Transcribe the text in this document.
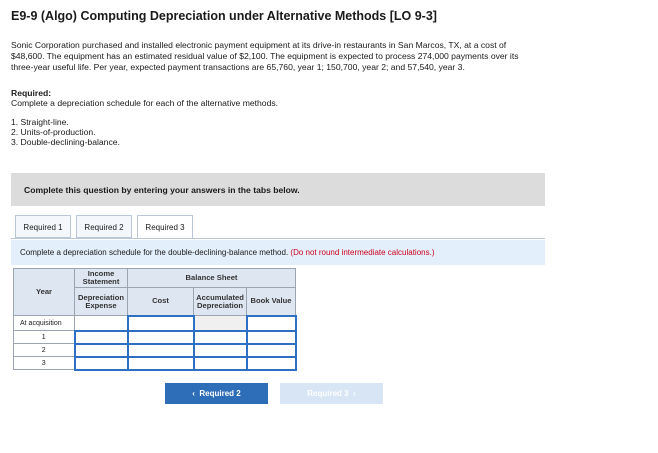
E9-9 (Algo) Computing Depreciation under Alternative Methods [LO 9-3]
Sonic Corporation purchased and installed electronic payment equipment at its drive-in restaurants in San Marcos, TX, at a cost of
$48,600. The equipment has an estimated residual value of $2,100. The equipment is expected to process 274,000 payments over its
three-year useful life. Per year, expected payment transactions are 65,760, year 1; 150,700, year 2; and 57,540, year 3.
Required:
Complete a depreciation schedule for each of the alternative methods.
1. Straight-line.
2. Units-of-production.
3. Double-declining-balance.
Complete this question by entering your answers in the tabs below.
Required 1	Required 2	Required 3
Complete a depreciation schedule for the double-declining-balance method. (Do not round intermediate calculations.)
Year	Income Statement	Balance Sheet		
	Depreciation Expense	Cost	Accumulated Depreciation	Book Value
At acquisition				
1				
2				
3				
‹ Required 2	Required 3 ›
